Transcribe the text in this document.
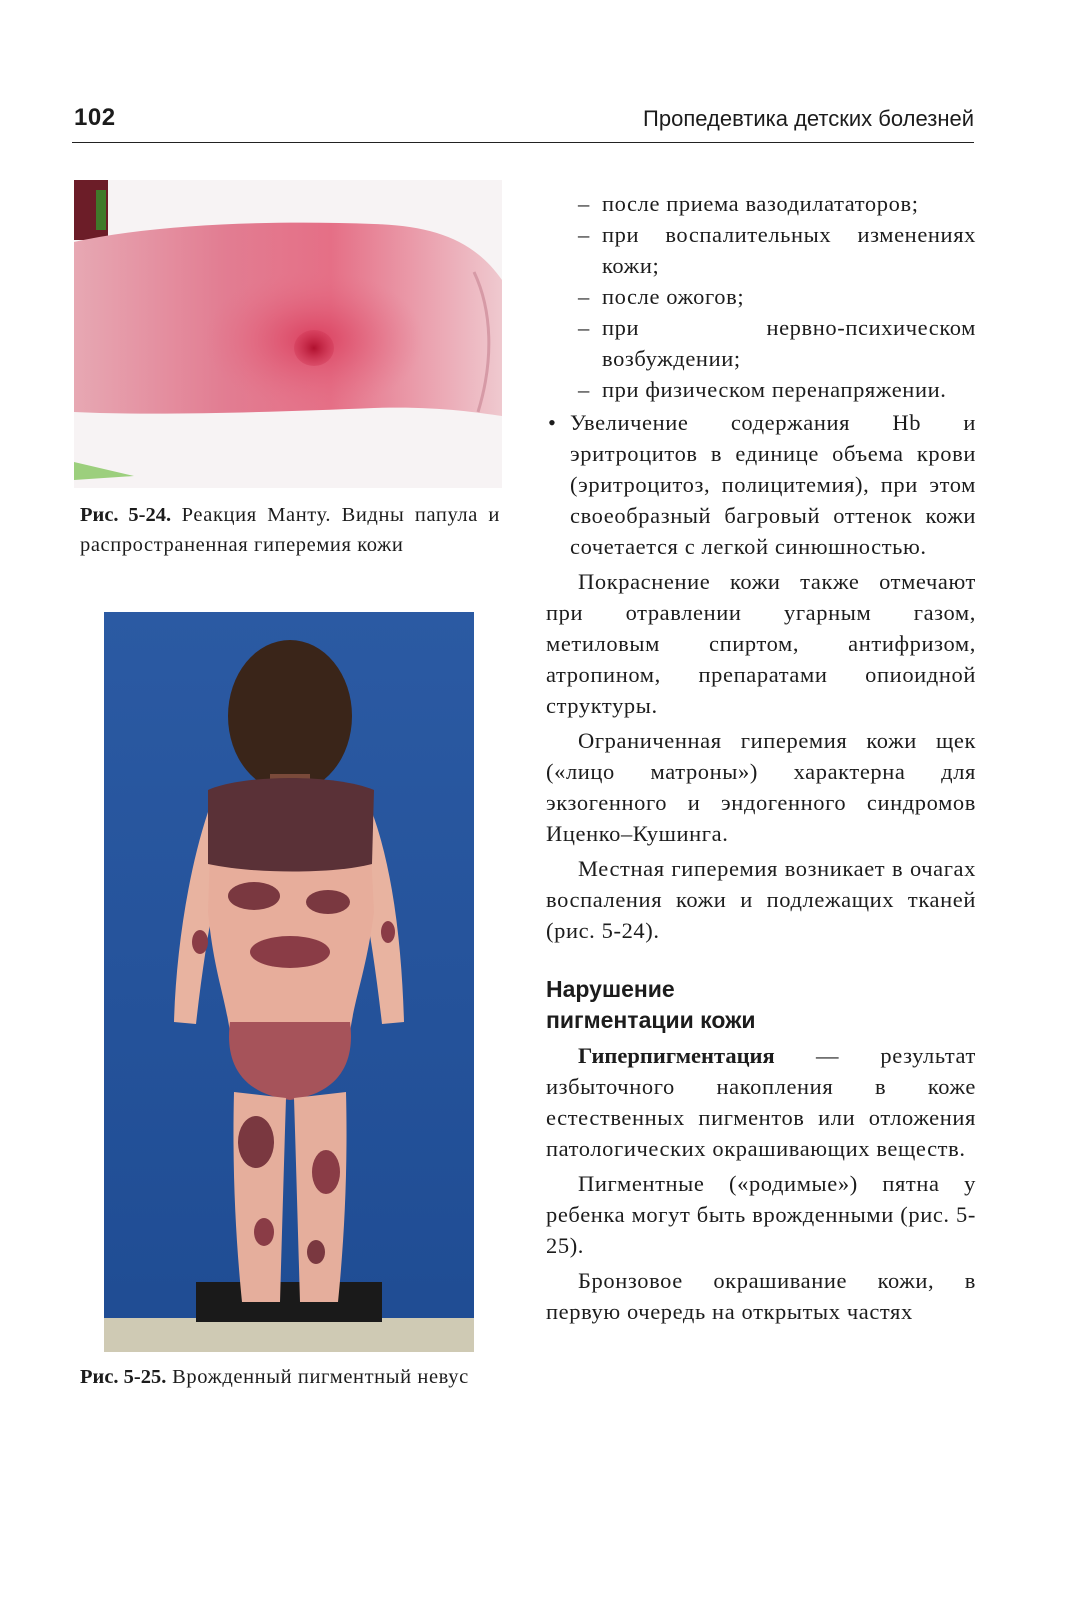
102	Пропедевтика детских болезней
Рис. 5-24. Реакция Манту. Видны папула и распространенная гиперемия кожи
Рис. 5-25. Врожденный пигментный невус
– после приема вазодилататоров;
– при воспалительных изменениях кожи;
– после ожогов;
– при нервно-психическом возбуждении;
– при физическом перенапряжении.
• Увеличение содержания Hb и эритроцитов в единице объема крови (эритроцитоз, полицитемия), при этом своеобразный багровый оттенок кожи сочетается с легкой синюшностью.

Покраснение кожи также отмечают при отравлении угарным газом, метиловым спиртом, антифризом, атропином, препаратами опиоидной структуры.

Ограниченная гиперемия кожи щек («лицо матроны») характерна для экзогенного и эндогенного синдромов Иценко–Кушинга.

Местная гиперемия возникает в очагах воспаления кожи и подлежащих тканей (рис. 5-24).

Нарушение
пигментации кожи

Гиперпигментация — результат избыточного накопления в коже естественных пигментов или отложения патологических окрашивающих веществ.

Пигментные («родимые») пятна у ребенка могут быть врожденными (рис. 5-25).

Бронзовое окрашивание кожи, в первую очередь на открытых частях
